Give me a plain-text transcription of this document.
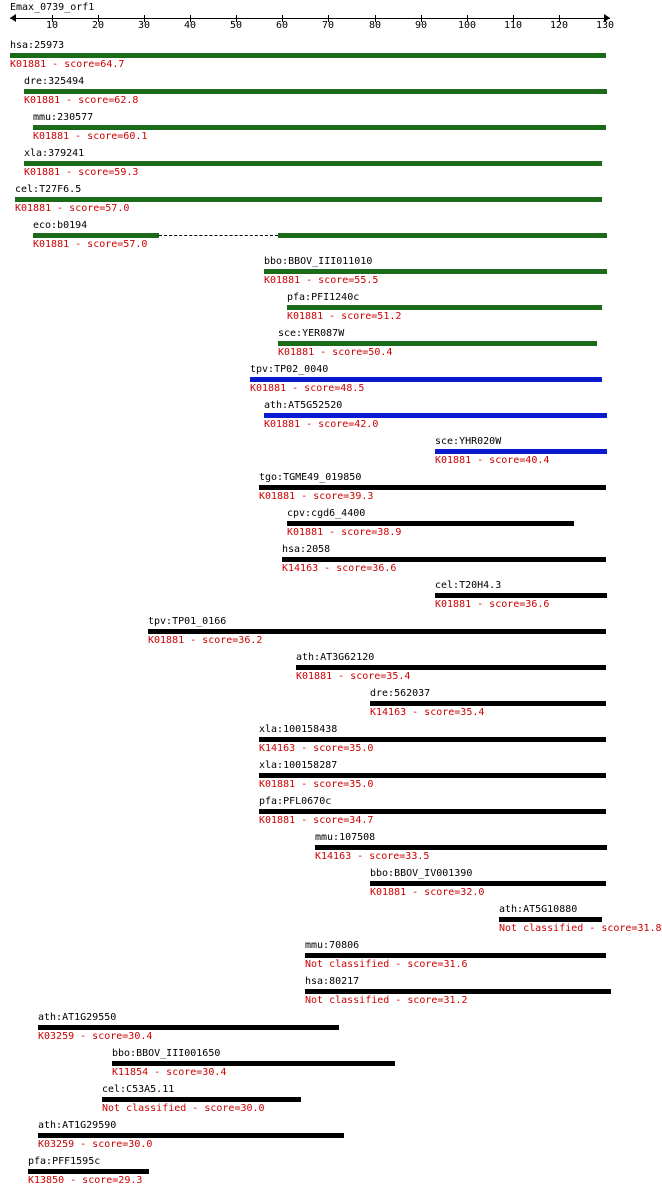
Emax_0739_orf1
10	20	30	40	50	60	70	80	90	100	110	120	130
hsa:25973
K01881 - score=64.7
dre:325494
K01881 - score=62.8
mmu:230577
K01881 - score=60.1
xla:379241
K01881 - score=59.3
cel:T27F6.5
K01881 - score=57.0
eco:b0194
K01881 - score=57.0
bbo:BBOV_III011010
K01881 - score=55.5
pfa:PFI1240c
K01881 - score=51.2
sce:YER087W
K01881 - score=50.4
tpv:TP02_0040
K01881 - score=48.5
ath:AT5G52520
K01881 - score=42.0
sce:YHR020W
K01881 - score=40.4
tgo:TGME49_019850
K01881 - score=39.3
cpv:cgd6_4400
K01881 - score=38.9
hsa:2058
K14163 - score=36.6
cel:T20H4.3
K01881 - score=36.6
tpv:TP01_0166
K01881 - score=36.2
ath:AT3G62120
K01881 - score=35.4
dre:562037
K14163 - score=35.4
xla:100158438
K14163 - score=35.0
xla:100158287
K01881 - score=35.0
pfa:PFL0670c
K01881 - score=34.7
mmu:107508
K14163 - score=33.5
bbo:BBOV_IV001390
K01881 - score=32.0
ath:AT5G10880
Not classified - score=31.8
mmu:70806
Not classified - score=31.6
hsa:80217
Not classified - score=31.2
ath:AT1G29550
K03259 - score=30.4
bbo:BBOV_III001650
K11854 - score=30.4
cel:C53A5.11
Not classified - score=30.0
ath:AT1G29590
K03259 - score=30.0
pfa:PFF1595c
K13850 - score=29.3
